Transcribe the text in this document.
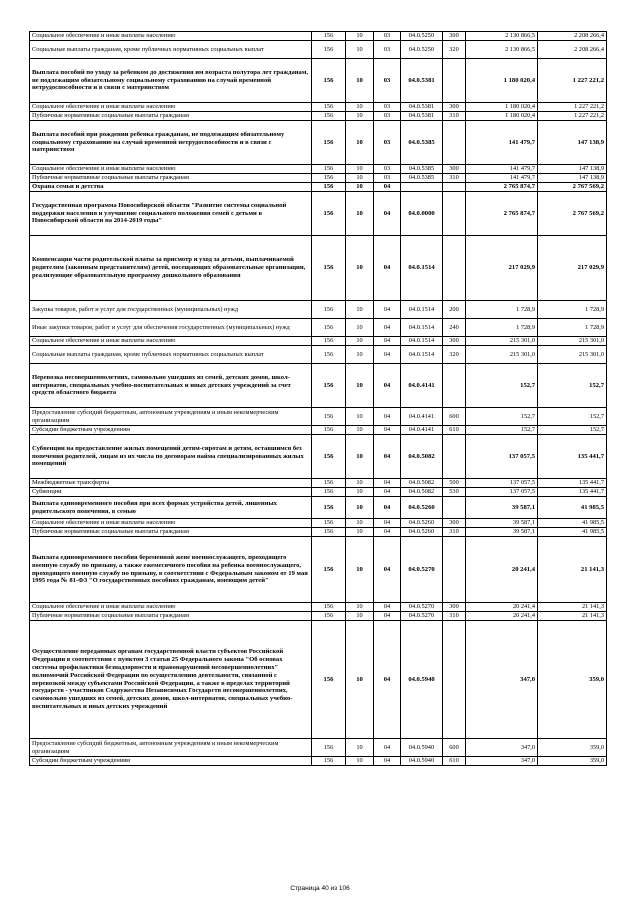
Социальное обеспечение и иные выплаты населению	156	10	03	04.0.5250	300	2 130 866,5	2 208 266,4
Социальные выплаты гражданам, кроме публичных нормативных социальных выплат	156	10	03	04.0.5250	320	2 130 866,5	2 208 266,4
Выплата пособий по уходу за ребенком до достижения им возраста полутора лет гражданам, не подлежащим обязательному социальному страхованию на случай временной нетрудоспособности и в связи с материнством	156	10	03	04.0.5381		1 180 020,4	1 227 221,2
Социальное обеспечение и иные выплаты населению	156	10	03	04.0.5381	300	1 180 020,4	1 227 221,2
Публичные нормативные социальные выплаты гражданам	156	10	03	04.0.5381	310	1 180 020,4	1 227 221,2
Выплата пособий при рождении ребенка гражданам, не подлежащим обязательному социальному страхованию на случай временной нетрудоспособности и в связи с материнством	156	10	03	04.0.5385		141 479,7	147 138,9
Социальное обеспечение и иные выплаты населению	156	10	03	04.0.5385	300	141 479,7	147 138,9
Публичные нормативные социальные выплаты гражданам	156	10	03	04.0.5385	310	141 479,7	147 138,9
Охрана семьи и детства	156	10	04			2 765 874,7	2 767 569,2
Государственная программа Новосибирской области "Развитие системы социальной поддержки населения и улучшение социального положения семей с детьми в Новосибирской области на 2014-2019 годы"	156	10	04	04.0.0000		2 765 874,7	2 767 569,2
Компенсация части родительской платы за присмотр и уход за детьми, выплачиваемой родителям (законным представителям) детей, посещающих образовательные организации, реализующие образовательную программу дошкольного образования	156	10	04	04.0.1514		217 029,9	217 029,9
Закупка товаров, работ и услуг для государственных (муниципальных) нужд	156	10	04	04.0.1514	200	1 728,9	1 728,9
Иные закупки товаров, работ и услуг для обеспечения государственных (муниципальных) нужд	156	10	04	04.0.1514	240	1 728,9	1 728,9
Социальное обеспечение и иные выплаты населению	156	10	04	04.0.1514	300	215 301,0	215 301,0
Социальные выплаты гражданам, кроме публичных нормативных социальных выплат	156	10	04	04.0.1514	320	215 301,0	215 301,0
Перевозка несовершеннолетних, самовольно ушедших из семей, детских домов, школ-интернатов, специальных учебно-воспитательных и иных детских учреждений за счет средств областного бюджета	156	10	04	04.0.4141		152,7	152,7
Предоставление субсидий бюджетным, автономным учреждениям и иным некоммерческим организациям	156	10	04	04.0.4141	600	152,7	152,7
Субсидии бюджетным учреждениям	156	10	04	04.0.4141	610	152,7	152,7
Субвенции на предоставление жилых помещений детям-сиротам и детям, оставшимся без попечения родителей, лицам из их числа по договорам найма специализированных жилых помещений	156	10	04	04.0.5082		137 057,5	135 441,7
Межбюджетные трансферты	156	10	04	04.0.5082	500	137 057,5	135 441,7
Субвенции	156	10	04	04.0.5082	530	137 057,5	135 441,7
Выплата единовременного пособия при всех формах устройства детей, лишенных родительского попечения, в семью	156	10	04	04.0.5260		39 587,1	41 985,5
Социальное обеспечение и иные выплаты населению	156	10	04	04.0.5260	300	39 587,1	41 985,5
Публичные нормативные социальные выплаты гражданам	156	10	04	04.0.5260	310	39 587,1	41 985,5
Выплата единовременного пособия беременной жене военнослужащего, проходящего военную службу по призыву, а также ежемесячного пособия на ребенка военнослужащего, проходящего военную службу по призыву, в соответствии с Федеральным законом от 19 мая 1995 года № 81-ФЗ "О государственных пособиях гражданам, имеющим детей"	156	10	04	04.0.5270		20 241,4	21 141,3
Социальное обеспечение и иные выплаты населению	156	10	04	04.0.5270	300	20 241,4	21 141,3
Публичные нормативные социальные выплаты гражданам	156	10	04	04.0.5270	310	20 241,4	21 141,3
Осуществление переданных органам государственной власти субъектов Российской Федерации в соответствии с пунктом 3 статьи 25 Федерального закона "Об основах системы профилактики безнадзорности и правонарушений несовершеннолетних" полномочий Российской Федерации по осуществлению деятельности, связанной с перевозкой между субъектами Российской Федерации, а также в пределах территорий государств - участников Содружества Независимых Государств несовершеннолетних, самовольно ушедших из семей, детских домов, школ-интернатов, специальных учебно-воспитательных и иных детских учреждений	156	10	04	04.0.5940		347,0	359,0
Предоставление субсидий бюджетным, автономным учреждениям и иным некоммерческим организациям	156	10	04	04.0.5940	600	347,0	359,0
Субсидии бюджетным учреждениям	156	10	04	04.0.5940	610	347,0	359,0
Страница 40 из 106
